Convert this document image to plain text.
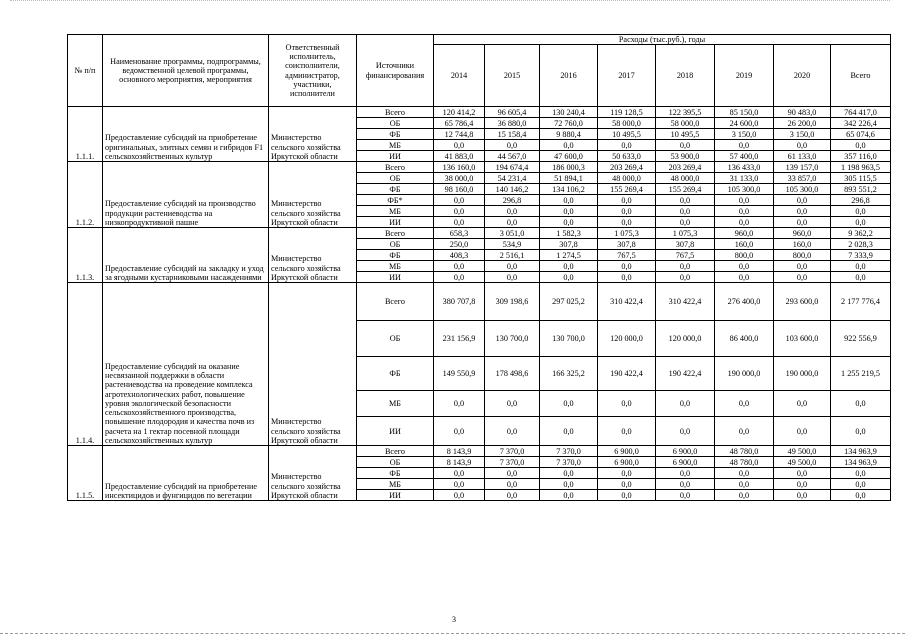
№ п/п	Наименование программы, подпрограммы, ведомственной целевой программы, основного мероприятия, мероприятия	Ответственный исполнитель, соисполнители, администратор, участники, исполнители	Источники финансирования	Расходы (тыс.руб.), годы							
				2014	2015	2016	2017	2018	2019	2020	Всего
1.1.1.	Предоставление субсидий на приобретение оригинальных, элитных семян и гибридов F1 сельскохозяйственных культур	Министерство сельского хозяйства Иркутской области	Всего	120 414,2	96 605,4	130 240,4	119 128,5	122 395,5	85 150,0	90 483,0	764 417,0
			ОБ	65 786,4	36 880,0	72 760,0	58 000,0	58 000,0	24 600,0	26 200,0	342 226,4
			ФБ	12 744,8	15 158,4	9 880,4	10 495,5	10 495,5	3 150,0	3 150,0	65 074,6
			МБ	0,0	0,0	0,0	0,0	0,0	0,0	0,0	0,0
			ИИ	41 883,0	44 567,0	47 600,0	50 633,0	53 900,0	57 400,0	61 133,0	357 116,0
1.1.2.	Предоставление субсидий на производство продукции растениеводства на низкопродуктивной пашне	Министерство сельского хозяйства Иркутской области	Всего	136 160,0	194 674,4	186 000,3	203 269,4	203 269,4	136 433,0	139 157,0	1 198 963,5
			ОБ	38 000,0	54 231,4	51 894,1	48 000,0	48 000,0	31 133,0	33 857,0	305 115,5
			ФБ	98 160,0	140 146,2	134 106,2	155 269,4	155 269,4	105 300,0	105 300,0	893 551,2
			ФБ*	0,0	296,8	0,0	0,0	0,0	0,0	0,0	296,8
			МБ	0,0	0,0	0,0	0,0	0,0	0,0	0,0	0,0
			ИИ	0,0	0,0	0,0	0,0	0,0	0,0	0,0	0,0
1.1.3.	Предоставление субсидий на закладку и уход за ягодными кустарниковыми насаждениями	Министерство сельского хозяйства Иркутской области	Всего	658,3	3 051,0	1 582,3	1 075,3	1 075,3	960,0	960,0	9 362,2
			ОБ	250,0	534,9	307,8	307,8	307,8	160,0	160,0	2 028,3
			ФБ	408,3	2 516,1	1 274,5	767,5	767,5	800,0	800,0	7 333,9
			МБ	0,0	0,0	0,0	0,0	0,0	0,0	0,0	0,0
			ИИ	0,0	0,0	0,0	0,0	0,0	0,0	0,0	0,0
1.1.4.	Предоставление субсидий на оказание несвязанной поддержки в области растениеводства на проведение комплекса агротехнологических работ, повышение уровня экологической безопасности сельскохозяйственного производства, повышение плодородия и качества почв из расчета на 1 гектар посевной площади сельскохозяйственных культур	Министерство сельского хозяйства Иркутской области	Всего	380 707,8	309 198,6	297 025,2	310 422,4	310 422,4	276 400,0	293 600,0	2 177 776,4
			ОБ	231 156,9	130 700,0	130 700,0	120 000,0	120 000,0	86 400,0	103 600,0	922 556,9
			ФБ	149 550,9	178 498,6	166 325,2	190 422,4	190 422,4	190 000,0	190 000,0	1 255 219,5
			МБ	0,0	0,0	0,0	0,0	0,0	0,0	0,0	0,0
			ИИ	0,0	0,0	0,0	0,0	0,0	0,0	0,0	0,0
1.1.5.	Предоставление субсидий на приобретение инсектицидов и фунгицидов по вегетации	Министерство сельского хозяйства Иркутской области	Всего	8 143,9	7 370,0	7 370,0	6 900,0	6 900,0	48 780,0	49 500,0	134 963,9
			ОБ	8 143,9	7 370,0	7 370,0	6 900,0	6 900,0	48 780,0	49 500,0	134 963,9
			ФБ	0,0	0,0	0,0	0,0	0,0	0,0	0,0	0,0
			МБ	0,0	0,0	0,0	0,0	0,0	0,0	0,0	0,0
			ИИ	0,0	0,0	0,0	0,0	0,0	0,0	0,0	0,0
3
